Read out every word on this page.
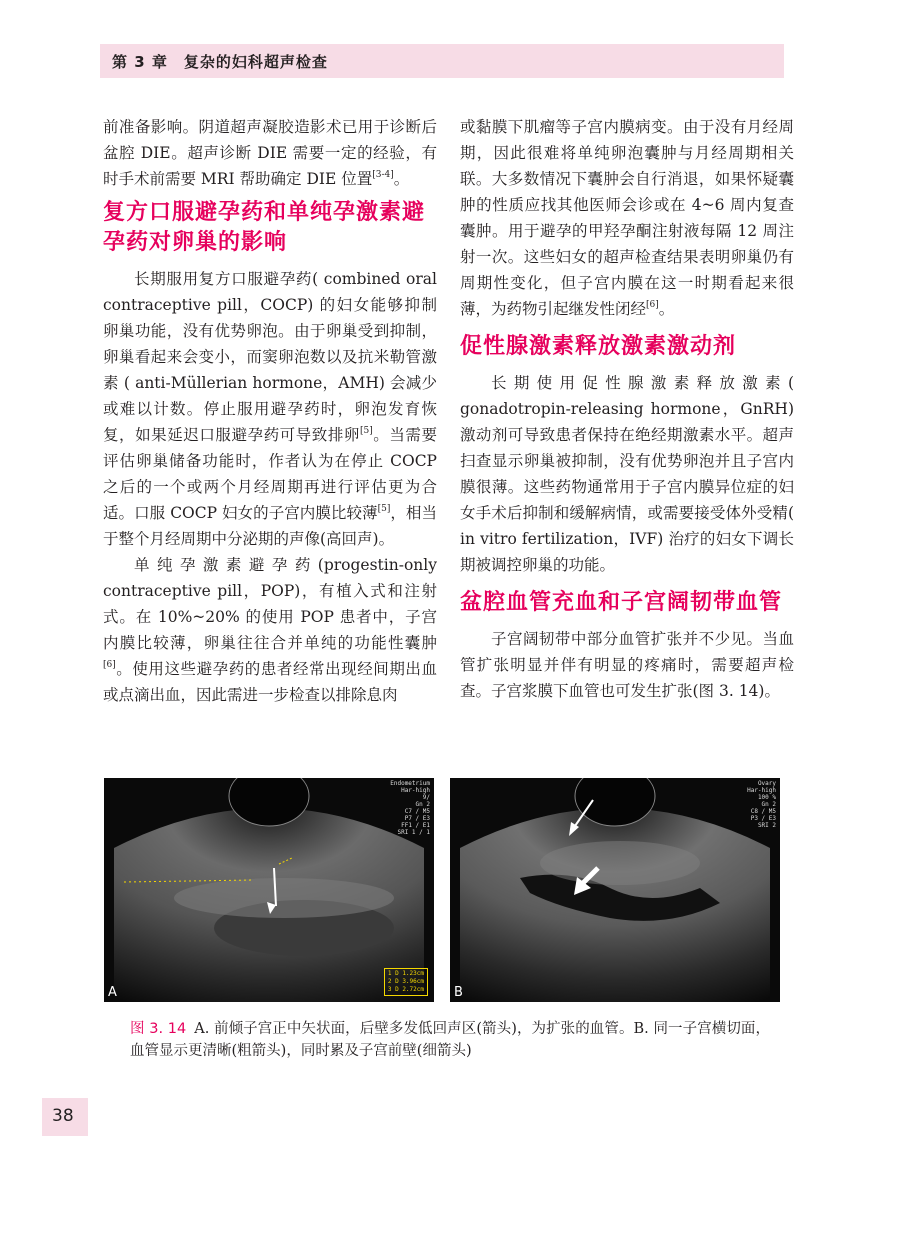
第 3 章　复杂的妇科超声检查

前准备影响。阴道超声凝胶造影术已用于诊断后盆腔 DIE。超声诊断 DIE 需要一定的经验，有时手术前需要 MRI 帮助确定 DIE 位置[3-4]。

复方口服避孕药和单纯孕激素避孕药对卵巢的影响

长期服用复方口服避孕药( combined oral contraceptive pill，COCP) 的妇女能够抑制卵巢功能，没有优势卵泡。由于卵巢受到抑制，卵巢看起来会变小，而窦卵泡数以及抗米勒管激素 ( anti-Müllerian hormone，AMH) 会减少或难以计数。停止服用避孕药时，卵泡发育恢复，如果延迟口服避孕药可导致排卵[5]。当需要评估卵巢储备功能时，作者认为在停止 COCP 之后的一个或两个月经周期再进行评估更为合适。口服 COCP 妇女的子宫内膜比较薄[5]，相当于整个月经周期中分泌期的声像(高回声)。

单纯孕激素避孕药(progestin-only contraceptive pill，POP)，有植入式和注射式。在 10%~20% 的使用 POP 患者中，子宫内膜比较薄，卵巢往往合并单纯的功能性囊肿[6]。使用这些避孕药的患者经常出现经间期出血或点滴出血，因此需进一步检查以排除息肉

或黏膜下肌瘤等子宫内膜病变。由于没有月经周期，因此很难将单纯卵泡囊肿与月经周期相关联。大多数情况下囊肿会自行消退，如果怀疑囊肿的性质应找其他医师会诊或在 4~6 周内复查囊肿。用于避孕的甲羟孕酮注射液每隔 12 周注射一次。这些妇女的超声检查结果表明卵巢仍有周期性变化，但子宫内膜在这一时期看起来很薄，为药物引起继发性闭经[6]。

促性腺激素释放激素激动剂

长期使用促性腺激素释放激素( gonadotropin-releasing hormone，GnRH) 激动剂可导致患者保持在绝经期激素水平。超声扫查显示卵巢被抑制，没有优势卵泡并且子宫内膜很薄。这些药物通常用于子宫内膜异位症的妇女手术后抑制和缓解病情，或需要接受体外受精( in vitro fertilization，IVF) 治疗的妇女下调长期被调控卵巢的功能。

盆腔血管充血和子宫阔韧带血管

子宫阔韧带中部分血管扩张并不少见。当血管扩张明显并伴有明显的疼痛时，需要超声检查。子宫浆膜下血管也可发生扩张(图 3. 14)。

Endometrium
Har-high
9/
Gn 2
C7 / M5
P7 / E3
FF1 / E1
SRI 1 / 1
1 D 1.23cm
2 D 3.96cm
3 D 2.72cm
A
Ovary
Har-high
100 %
Gn 2
C8 / M5
P3 / E3
SRI 2
B
图 3. 14 A. 前倾子宫正中矢状面，后壁多发低回声区(箭头)，为扩张的血管。B. 同一子宫横切面，血管显示更清晰(粗箭头)，同时累及子宫前壁(细箭头)
38
